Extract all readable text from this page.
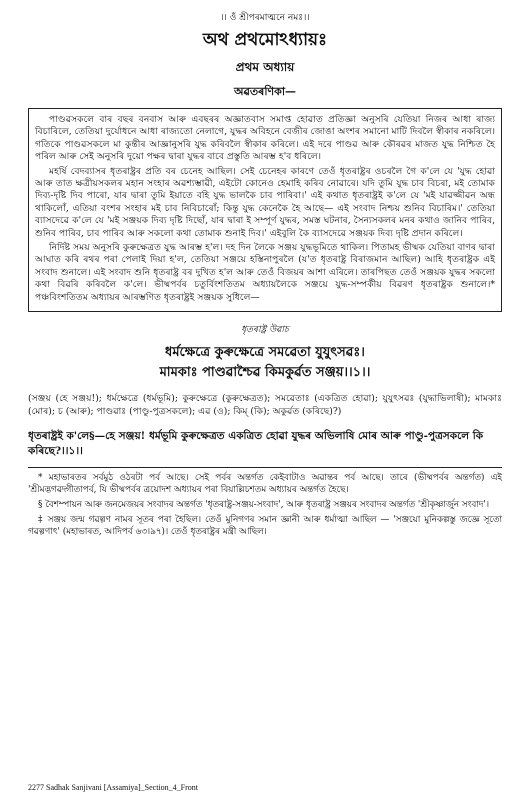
।। ওঁ শ্ৰীপৰমাত্মনে নমঃ।।
অথ প্ৰথমোঽধ্যায়ঃ
প্ৰথম অধ্যায়
অৱতৰণিকা—

পাণ্ডৱসকলে বাৰ বছৰ বনবাস আৰু এবছৰৰ অজ্ঞাতবাস সমাপ্ত হোৱাত প্ৰতিজ্ঞা অনুসৰি যেতিয়া নিজৰ আধা ৰাজ্য বিচাৰিলে, তেতিয়া দুৰ্যোধনে আধা ৰাজ্যতো নেলাগে, যুদ্ধৰ অবিহনে বেজীৰ জোঙা অংশৰ সমানো মাটি দিবলৈ স্বীকাৰ নকৰিলে। গতিকে পাণ্ডৱসকলে মা কুন্তীৰ আজ্ঞানুসৰি যুদ্ধ কৰিবলৈ স্বীকাৰ কৰিলে। এই দৰে পাণ্ডৱ আৰু কৌৰৱৰ মাজত যুদ্ধ নিশ্চিত হৈ পৰিল আৰু সেই অনুসৰি দুয়ো পক্ষৰ দ্বাৰা যুদ্ধৰ বাবে প্ৰস্তুতি আৰম্ভ হ'ব ধৰিলে।

মহৰ্ষি বেদব্যাসৰ ধৃতৰাষ্ট্ৰৰ প্ৰতি বৰ চেনেহ আছিল। সেই চেনেহৰ কাৰণে তেওঁ ধৃতৰাষ্ট্ৰৰ ওচৰলৈ গৈ ক'লে যে 'যুদ্ধ হোৱা আৰু তাত ক্ষত্ৰীয়সকলৰ মহান সংহাৰ অৱশ্যম্ভাৱী, এইটো কোনেও হেমাহি কৰিব নোৱাৰে। যদি তুমি যুদ্ধ চাব বিচৰা, মই তোমাক দিব্য-দৃষ্টি দিব পাৰো, যাৰ দ্বাৰা তুমি ইয়াতে বহি যুদ্ধ ভালকৈ চাব পাৰিবা।' এই কথাত ধৃতৰাষ্ট্ৰই ক'লে যে 'মই যাৱজ্জীৱন অন্ধ থাকিলোঁ, এতিয়া বংশৰ সংহাৰ মই চাব নিবিচাৰোঁ; কিন্তু যুদ্ধ কেনেকৈ হৈ আছে— এই সংবাদ নিশ্চয় শুনিব বিচাৰিম।' তেতিয়া ব্যাসদেৱে ক'লে যে 'মই সঞ্জয়ক দিব্য দৃষ্টি দিছোঁ, যাৰ দ্বাৰা ই সম্পূৰ্ণ যুদ্ধৰ, সমস্ত ঘটনাৰ, সৈন্যসকলৰ মনৰ কথাও জানিব পাৰিব, শুনিব পাৰিব, চাব পাৰিব আৰু সকলো কথা তোমাক শুনাই দিব।' এইবুলি কৈ ব্যাসদেৱে সঞ্জয়ক দিব্য দৃষ্টি প্ৰদান কৰিলে।

নিৰ্দিষ্ট সময় অনুসৰি কুৰুক্ষেত্ৰত যুদ্ধ আৰম্ভ হ'ল। দহ দিন লৈকে সঞ্জয় যুদ্ধভূমিতে থাকিল। পিতামহ ভীষ্মক যেতিয়া বাণৰ দ্বাৰা আঘাত কৰি ৰথৰ পৰা পেলাই দিয়া হ'ল, তেতিয়া সঞ্জয়ে হস্তিনাপুৰলৈ (য'ত ধৃতৰাষ্ট্ৰ বিৰাজমান আছিল) আহি ধৃতৰাষ্ট্ৰক এই সংবাদ শুনালে। এই সংবাদ শুনি ধৃতৰাষ্ট্ৰ বৰ দুখিত হ'ল আৰু তেওঁ বিজয়ৰ আশা এৰিলে। তাৰপিছত তেওঁ সঞ্জয়ক যুদ্ধৰ সকলো কথা বিৱৰি কৰিবলৈ ক'লে। ভীষ্মপৰ্বৰ চতুৰ্বিংশতিতম অধ্যায়লৈকে সঞ্জয়ে যুদ্ধ-সম্পৰ্কীয় বিৱৰণ ধৃতৰাষ্ট্ৰক শুনালে।* পঞ্চবিংশতিতম অধ্যায়ৰ আৰম্ভণিত ধৃতৰাষ্ট্ৰই সঞ্জয়ক সুধিলে—

ধৃতৰাষ্ট্ৰ উৱাচ
ধৰ্মক্ষেত্ৰে কুৰুক্ষেত্ৰে সমৱেতা যুযুৎসৱঃ।
মামকাঃ পাণ্ডৱাশ্চৈৱ কিমকুৰ্ৱত সঞ্জয়।।১।।
(সঞ্জয় (হে সঞ্জয়!); ধৰ্মক্ষেত্ৰে (ধৰ্মভূমি); কুৰুক্ষেত্ৰে (কুৰুক্ষেত্ৰত); সমৱেতাঃ (একত্ৰিত হোৱা); যুযুৎসৱঃ (যুদ্ধাভিলাষী); মামকাঃ (মোৰ); চ (আৰু); পাণ্ডৱাঃ (পাণ্ডু-পুত্ৰসকলে); এৱ (ও); কিম্ (কি); অকুৰ্ৱত (কৰিছে)?)
ধৃতৰাষ্ট্ৰই ক'লে§—হে সঞ্জয়! ধৰ্মভূমি কুৰুক্ষেত্ৰত একত্ৰিত হোৱা যুদ্ধৰ অভিলাষি মোৰ আৰু পাণ্ডু-পুত্ৰসকলে কি কৰিছে?।।১।।

* মহাভাৰতৰ সৰ্বমুঠ ওঠৰটা পৰ্ব আছে। সেই পৰ্বৰ অন্তৰ্গত কেইবাটাও অৱান্তৰ পৰ্ব আছে। তাৰে (ভীষ্মপৰ্বৰ অন্তৰ্গত) এই 'শ্ৰীমদ্ভগৱদ্গীতাপৰ্ব, যি ভীষ্মপৰ্বৰ ত্ৰয়োদশ অধ্যায়ৰ পৰা বিয়াল্লিচশতম অধ্যায়ৰ অন্তৰ্গত হৈছে।

§ বৈশম্পায়ন আৰু জনমেজয়ৰ সংবাদৰ অন্তৰ্গত 'ধৃতৰাষ্ট্ৰ-সঞ্জয়-সংবাদ', আৰু ধৃতৰাষ্ট্ৰ সঞ্জয়ৰ সংবাদৰ অন্তৰ্গত 'শ্ৰীকৃষ্ণাৰ্জুন সংবাদ'।

‡ সঞ্জয় জন্ম গৱল্গণ নামৰ সূতৰ পৰা হৈছিল। তেওঁ মুনিগণৰ সমান জ্ঞানী আৰু ধৰ্মাত্মা আছিল — 'সঞ্জয়ো মুনিকল্পস্তু জজ্ঞে সূতো গৱল্গণাৎ' (মহাভাৰত, আদিপৰ্ব ৬৩।৯৭)। তেওঁ ধৃতৰাষ্ট্ৰৰ মন্ত্ৰী আছিল।

2277 Sadhak Sanjivani [Assamiya]_Section_4_Front
